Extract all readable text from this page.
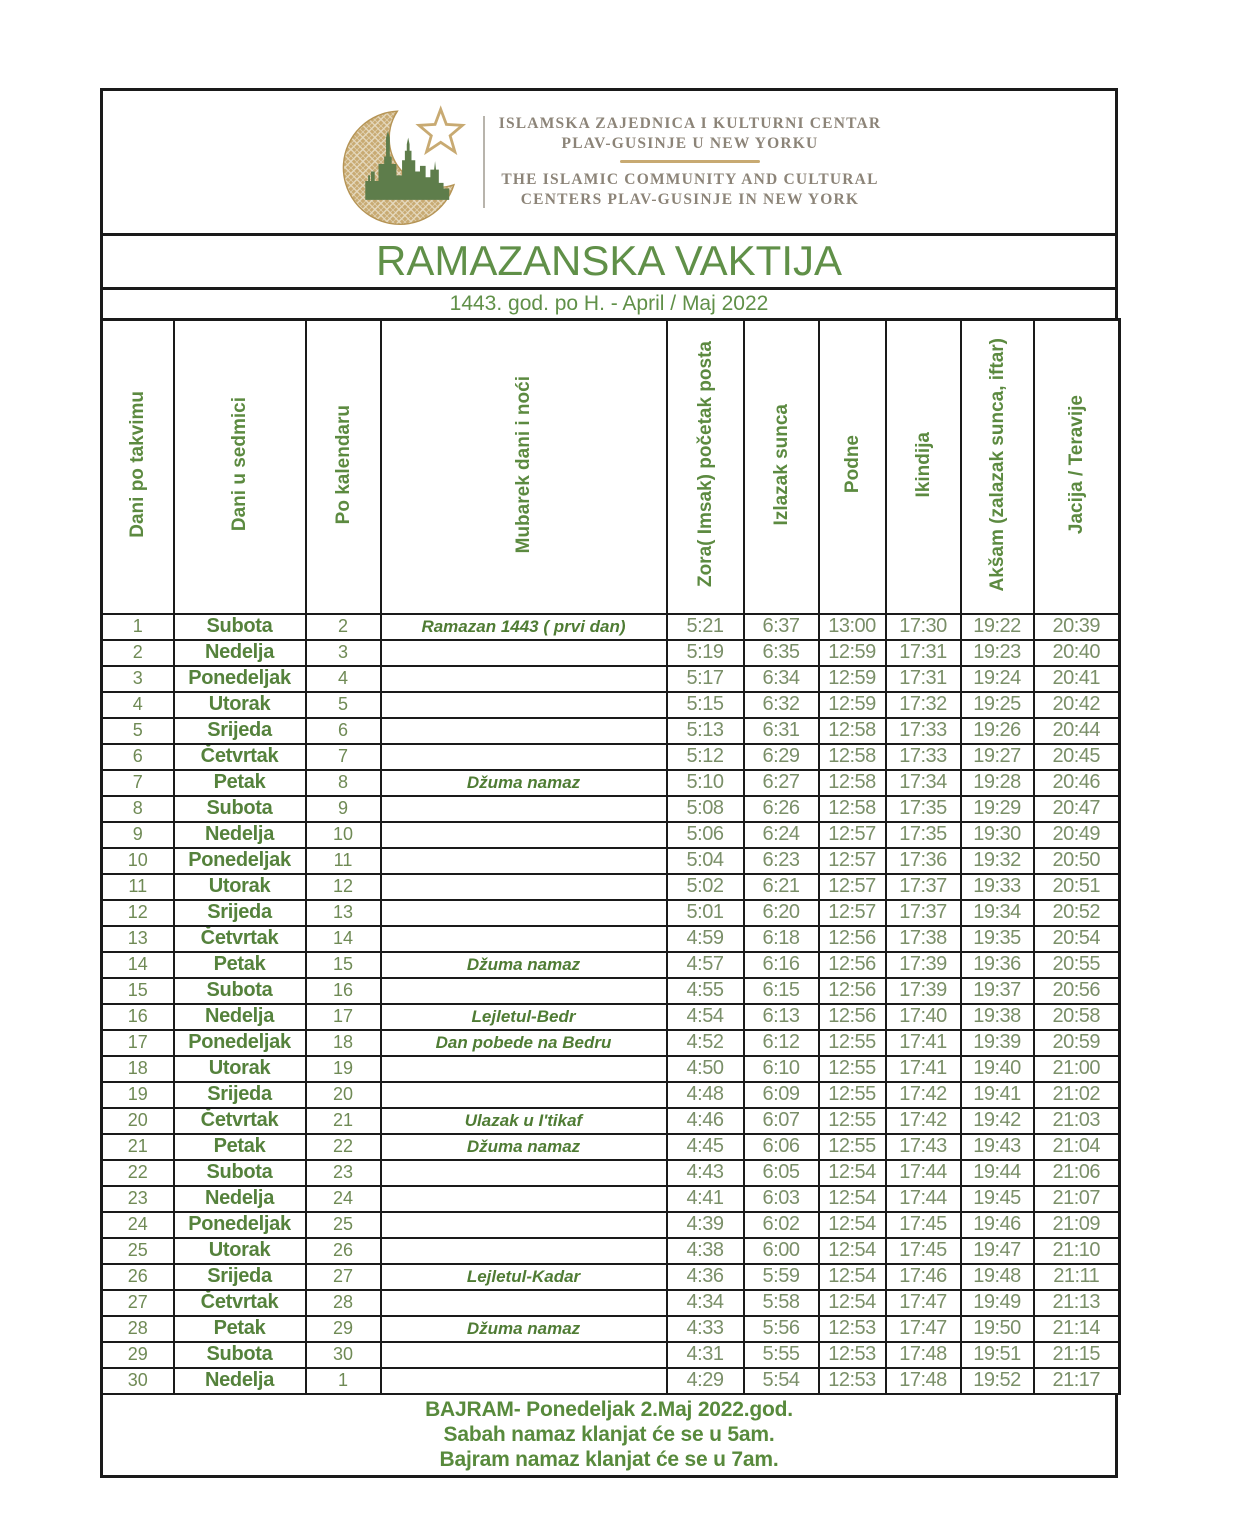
ISLAMSKA ZAJEDNICA I KULTURNI CENTAR
PLAV-GUSINJE U NEW YORKU
THE ISLAMIC COMMUNITY AND CULTURAL
CENTERS PLAV-GUSINJE IN NEW YORK
RAMAZANSKA VAKTIJA
1443. god. po H. - April / Maj 2022
Dani po takvimu	Dani u sedmici	Po kalendaru	Mubarek dani i noći	Zora( Imsak) početak posta	Izlazak sunca	Podne	Ikindija	Akšam (zalazak sunca, iftar)	Jacija / Teravije
1	Subota	2	Ramazan 1443 ( prvi dan)	5:21	6:37	13:00	17:30	19:22	20:39
2	Nedelja	3		5:19	6:35	12:59	17:31	19:23	20:40
3	Ponedeljak	4		5:17	6:34	12:59	17:31	19:24	20:41
4	Utorak	5		5:15	6:32	12:59	17:32	19:25	20:42
5	Srijeda	6		5:13	6:31	12:58	17:33	19:26	20:44
6	Četvrtak	7		5:12	6:29	12:58	17:33	19:27	20:45
7	Petak	8	Džuma namaz	5:10	6:27	12:58	17:34	19:28	20:46
8	Subota	9		5:08	6:26	12:58	17:35	19:29	20:47
9	Nedelja	10		5:06	6:24	12:57	17:35	19:30	20:49
10	Ponedeljak	11		5:04	6:23	12:57	17:36	19:32	20:50
11	Utorak	12		5:02	6:21	12:57	17:37	19:33	20:51
12	Srijeda	13		5:01	6:20	12:57	17:37	19:34	20:52
13	Četvrtak	14		4:59	6:18	12:56	17:38	19:35	20:54
14	Petak	15	Džuma namaz	4:57	6:16	12:56	17:39	19:36	20:55
15	Subota	16		4:55	6:15	12:56	17:39	19:37	20:56
16	Nedelja	17	Lejletul-Bedr	4:54	6:13	12:56	17:40	19:38	20:58
17	Ponedeljak	18	Dan pobede na Bedru	4:52	6:12	12:55	17:41	19:39	20:59
18	Utorak	19		4:50	6:10	12:55	17:41	19:40	21:00
19	Srijeda	20		4:48	6:09	12:55	17:42	19:41	21:02
20	Četvrtak	21	Ulazak u I'tikaf	4:46	6:07	12:55	17:42	19:42	21:03
21	Petak	22	Džuma namaz	4:45	6:06	12:55	17:43	19:43	21:04
22	Subota	23		4:43	6:05	12:54	17:44	19:44	21:06
23	Nedelja	24		4:41	6:03	12:54	17:44	19:45	21:07
24	Ponedeljak	25		4:39	6:02	12:54	17:45	19:46	21:09
25	Utorak	26		4:38	6:00	12:54	17:45	19:47	21:10
26	Srijeda	27	Lejletul-Kadar	4:36	5:59	12:54	17:46	19:48	21:11
27	Četvrtak	28		4:34	5:58	12:54	17:47	19:49	21:13
28	Petak	29	Džuma namaz	4:33	5:56	12:53	17:47	19:50	21:14
29	Subota	30		4:31	5:55	12:53	17:48	19:51	21:15
30	Nedelja	1		4:29	5:54	12:53	17:48	19:52	21:17
BAJRAM- Ponedeljak 2.Maj 2022.god.
Sabah namaz klanjat će se u 5am.
Bajram namaz klanjat će se u 7am.
